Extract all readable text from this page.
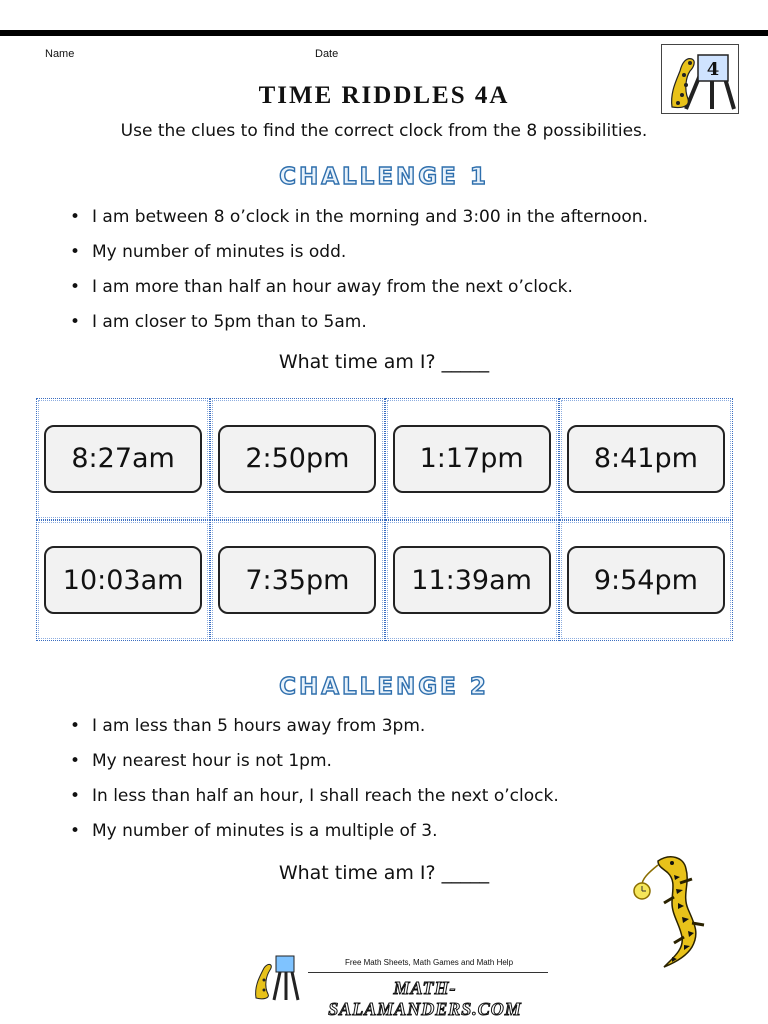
Name	Date
4
TIME RIDDLES 4A

Use the clues to find the correct clock from the 8 possibilities.

CHALLENGE 1
• I am between 8 o’clock in the morning and 3:00 in the afternoon.
• My number of minutes is odd.
• I am more than half an hour away from the next o’clock.
• I am closer to 5pm than to 5am.

What time am I? _____

8:27am	2:50pm	1:17pm	8:41pm
10:03am	7:35pm	11:39am	9:54pm
CHALLENGE 2
• I am less than 5 hours away from 3pm.
• My nearest hour is not 1pm.
• In less than half an hour, I shall reach the next o’clock.
• My number of minutes is a multiple of 3.

What time am I? _____

Free Math Sheets, Math Games and Math Help
MATH-SALAMANDERS.COM
